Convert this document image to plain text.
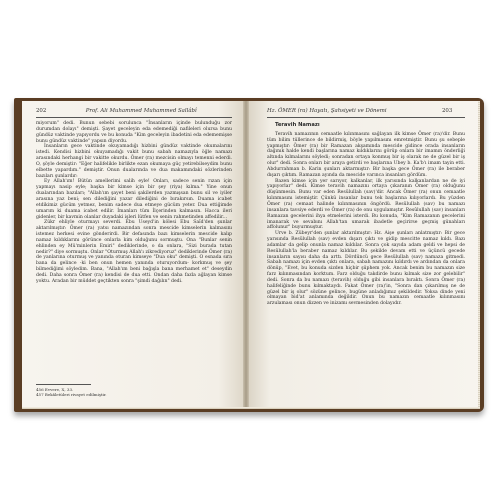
202	Prof. Ali Muhammed Muhammed Sallâbî

miyorum" dedi. Bunun sebebi sorulunca "İnsanların içinde bulunduğu zor durumdan dolayı" demişti. Şayet geceleyin eda edemediği nafileleri olursa bunu gündüz vaktinde yapıyordu ve bu konuda "Kim geceleyin ibadetini eda edememişse bunu gündüz vaktinde" yapsın diyordu.

İnsanların gece vaktinde okuyamadığı hizbini gündüz vaktinde okumalarını istedi. Kendisi hizbini okuyamadığı vakit bunu sabah namazıyla öğle namazı arasındaki herhangi bir vakitte okurdu. Ömer (ra) mezcisin olmayı temenni ederdi. O, şöyle demiştir: "Eğer halifelikle birlikte ezan okumaya güç yetirebilseydim bunu elbette yapardım." demiştir. Onun dualarında ve dua makamındaki sözlerinden bazıları şunlardır:

Ey Allah'ım! Bütün amellerimi salih eyle! Onları, sadece senin rızan için yapmayı nasip eyle; başka bir kimse için bir şey (riya) kılma." Yine onun dualarından bazıları; "Allah'ım şayet beni şakilerden yazmışsan bunu sil ve iyiler arasına yaz beni; sen dilediğini yazar dilediğini de bırakırsın. Duama icabet etdikimiz gücüm yetmez, benim sadece dua etmeye gücüm yeter. Dua ettiğimde umarım ki duama icabet edilir. İmanları tüm İlçerinden kalmasın. Hacca ileri gidenler, bir kavmin olanlar duyadaki işleri lütfen ve senin rahmetinden affedilir...

Zükr ehliyle oturmayı severdi. Ebu Useyd'in kölesi Ebu Saîd'den şunlar aktarılmıştır: Ömer (ra) yatsı namazından sonra mescide kimselerin kalmasını istemez herkesi evine gönderirdi. Bir defasında bazı kimselerin mescide kalıp namaz kıldıklarını görünce onlarla kim olduğunu sormuştu. Ona "Bunlar senin ehlinden ey Mü'minlerin Emiri" dediklerinde, o da onlara, "Sizi burada tutan nedir?" diye sormuştu. Onlar "Oturmuş Allah'ı zikrediyoruz" dediklerinde Ömer (ra) de yanlarına oturmuş ve yanında oturan kimseye "Dua oku" demişti. O esnada sıra bana da gelince -ki ben onun hemen yanında oturuyordum- korkmuş ve şey bilmediğimi söyledim. Bana, "Allah'ım beni bağışla bana merhamet et" deseydin dedi. Daha sonra Ömer (ra) kendisi de dua etti. Ondan daha fazla ağlayan kimse yoktu. Aradan bir müddet geçtikten sonra "şimdi dağılın" dedi.

456 Evvere, X, 33.
457 Bekâletüleri rivayet edilmiştir.
Hz. ÖMER (ra) Hayatı, Şahsiyeti ve Dönemi	203
Teravih Namazı

Teravih namazının cemaatle kılınmasını sağlayan ilk kimse Ömer (ra)'dir. Bunu tüm bilim tüllerince de bildirmiş, böyle yapılmasını emretmiştir. Bunu şu sebeple yapmıştır: Ömer (ra) bir Ramazan akşamında mescide gidince orada insanların dağınık halde kendi başlarına namaz kıldıklarını görüp onlara bir imamın önderliği altında kılmalarını söyledi; sonradan ortaya konmuş bir iş olarak ne de güzel bir iş olur" dedi. Sonra onları bir araya getirdi ve başlarına Ubey b. Ka'b'ı imam tayin etti. Abdurrahman b. Karin şunları aktarmıştır: Bir başka gece Ömer (ra) ile beraber dışarı çıktım. Ramazan ayında da mescide varınca insanları gördüm.

Bazen kimse için yer sarıyor, kalkanlar, ilk yarısında kalkanlardan ne de iyi yapıyorlar" dedi. Kimse teravih namazını ortaya çıkaranın Ömer (ra) olduğunu düşünmesin. Bunu var eden Resûlullah (sav)'dir. Ancak Ömer (ra) onun cemaatle kılınmasını istemiştir. Çünkü insanlar bunu tek başlarına kılıyorlardı. Bu yüzden Ömer (ra) cemaat halinde kılınmasının öngördü. Resûlullah (sav) bu namazı insanlara tavsiye ederdi ve Ömer (ra) de onu uygulamıştır. Resûlullah (sav) insanları Ramazan gecelerini ihya etmelerini isterdi. Bu konuda, "Kim Ramazanın gecelerini imanarak ve sevabını Allah'tan umarak ibadetle geçirirse geçmiş günahları affolunur" buyurmuştur.

Urve b. Zübeyr'den şunlar aktarılmıştır: Hz. Aişe şunları anlatmıştır: Bir gece yarısında Resûlullah (sav) evden dışarı çıktı ve gidip mescitte namaz kıldı. Bazı adamlar da gelip onunla namaz kıldılar. Sonra çok sayıda adam geldi ve hepsi de Resûlullah'la beraber namaz kıldılar. Bu şekilde devam etti ve üçüncü gecede insanların sayısı daha da arttı. Dördüncü gece Resûlullah (sav) namaza gitmedi. Sabah namazı için evden çıktı onlara, sabah namazını kıldırdı ve ardından da onlara dönüp, "Evet, bu konuda sizden hiçbir şüphem yok. Ancak benim bu namazın size farz kılınmasından korktum. Farz olduğu takdirde bunu kılmak size zor gelebilir" dedi. Sonra da bu namazı (teravih) olduğu gibi insanlara bıraktı. Sonra Ömer (ra) halifeliğinde bunu kılmaktaydı. Fakat Ömer (ra)'in, "Sonra dan çıkarılmış ne de güzel bir iş olur" sözüne gelince, bugüne anladığımız şekildedir. Yoksa dinde yeni olmayan bid'at anlamında değildir. Onun bu namazın cemaatle kılınmasını arzulaması onun dizzen ve inizamı sevmesinden dolayıdır.
